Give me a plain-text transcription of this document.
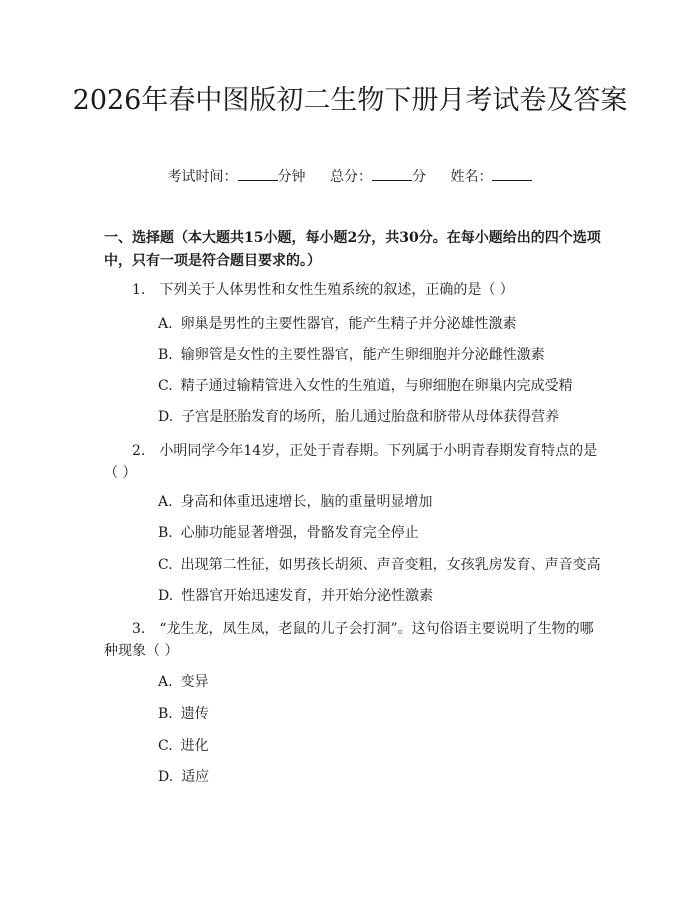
2026年春中图版初二生物下册月考试卷及答案
考试时间：	分钟 总分：	分 姓名：
一、选择题（本大题共15小题，每小题2分，共30分。在每小题给出的四个选项中，只有一项是符合题目要求的。）
1. 下列关于人体男性和女性生殖系统的叙述，正确的是（ ）
A. 卵巢是男性的主要性器官，能产生精子并分泌雄性激素
B. 输卵管是女性的主要性器官，能产生卵细胞并分泌雌性激素
C. 精子通过输精管进入女性的生殖道，与卵细胞在卵巢内完成受精
D. 子宫是胚胎发育的场所，胎儿通过胎盘和脐带从母体获得营养
2. 小明同学今年14岁，正处于青春期。下列属于小明青春期发育特点的是（ ）
A. 身高和体重迅速增长，脑的重量明显增加
B. 心肺功能显著增强，骨骼发育完全停止
C. 出现第二性征，如男孩长胡须、声音变粗，女孩乳房发育、声音变高
D. 性器官开始迅速发育，并开始分泌性激素
3. “龙生龙，凤生凤，老鼠的儿子会打洞”。这句俗语主要说明了生物的哪种现象（ ）
A. 变异
B. 遗传
C. 进化
D. 适应
